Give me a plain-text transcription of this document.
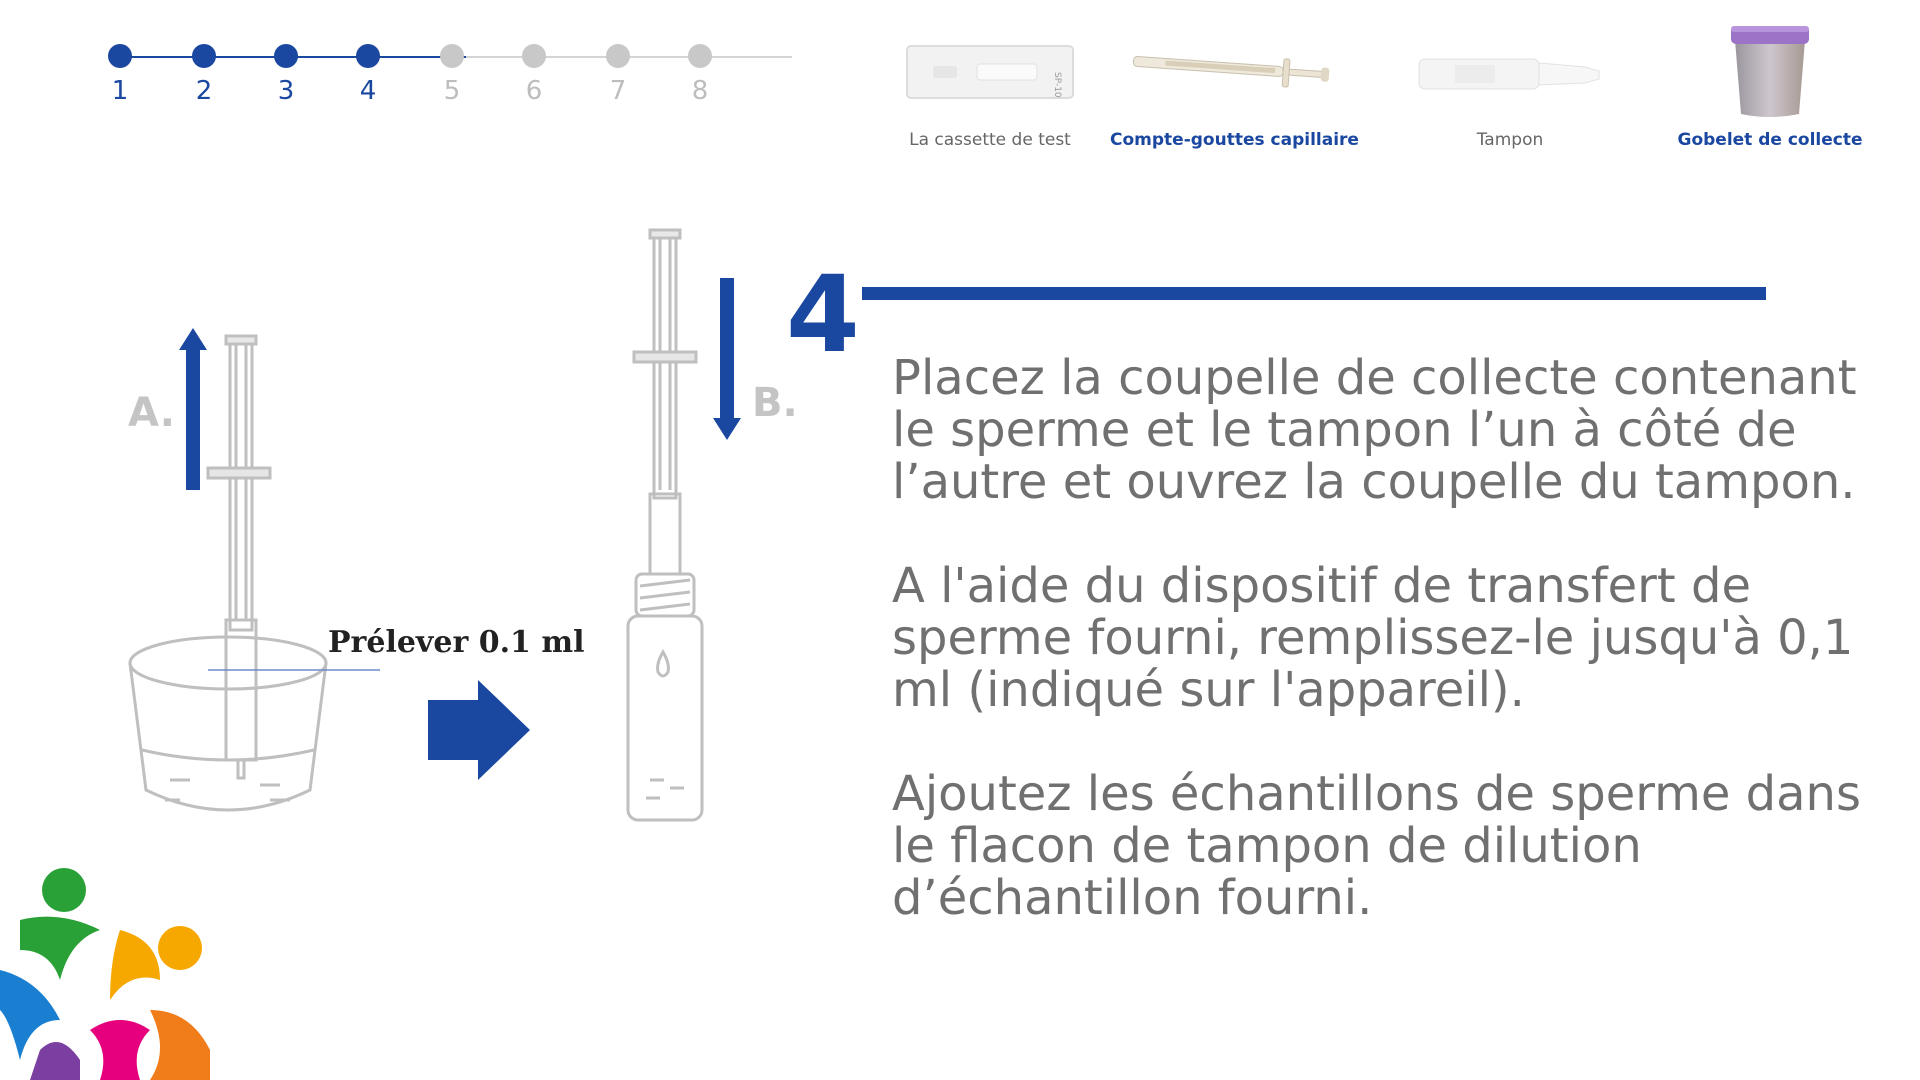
1	2	3	4	5	6	7	8	SP-10
La cassette de test	Compte-gouttes capillaire	Tampon	Gobelet de collecte
A.
Prélever 0.1 ml
B.
4

Placez la coupelle de collecte contenant le sperme et le tampon l’un à côté de l’autre et ouvrez la coupelle du tampon.

A l'aide du dispositif de transfert de sperme fourni, remplissez-le jusqu'à 0,1 ml (indiqué sur l'appareil).

Ajoutez les échantillons de sperme dans le flacon de tampon de dilution d’échantillon fourni.
